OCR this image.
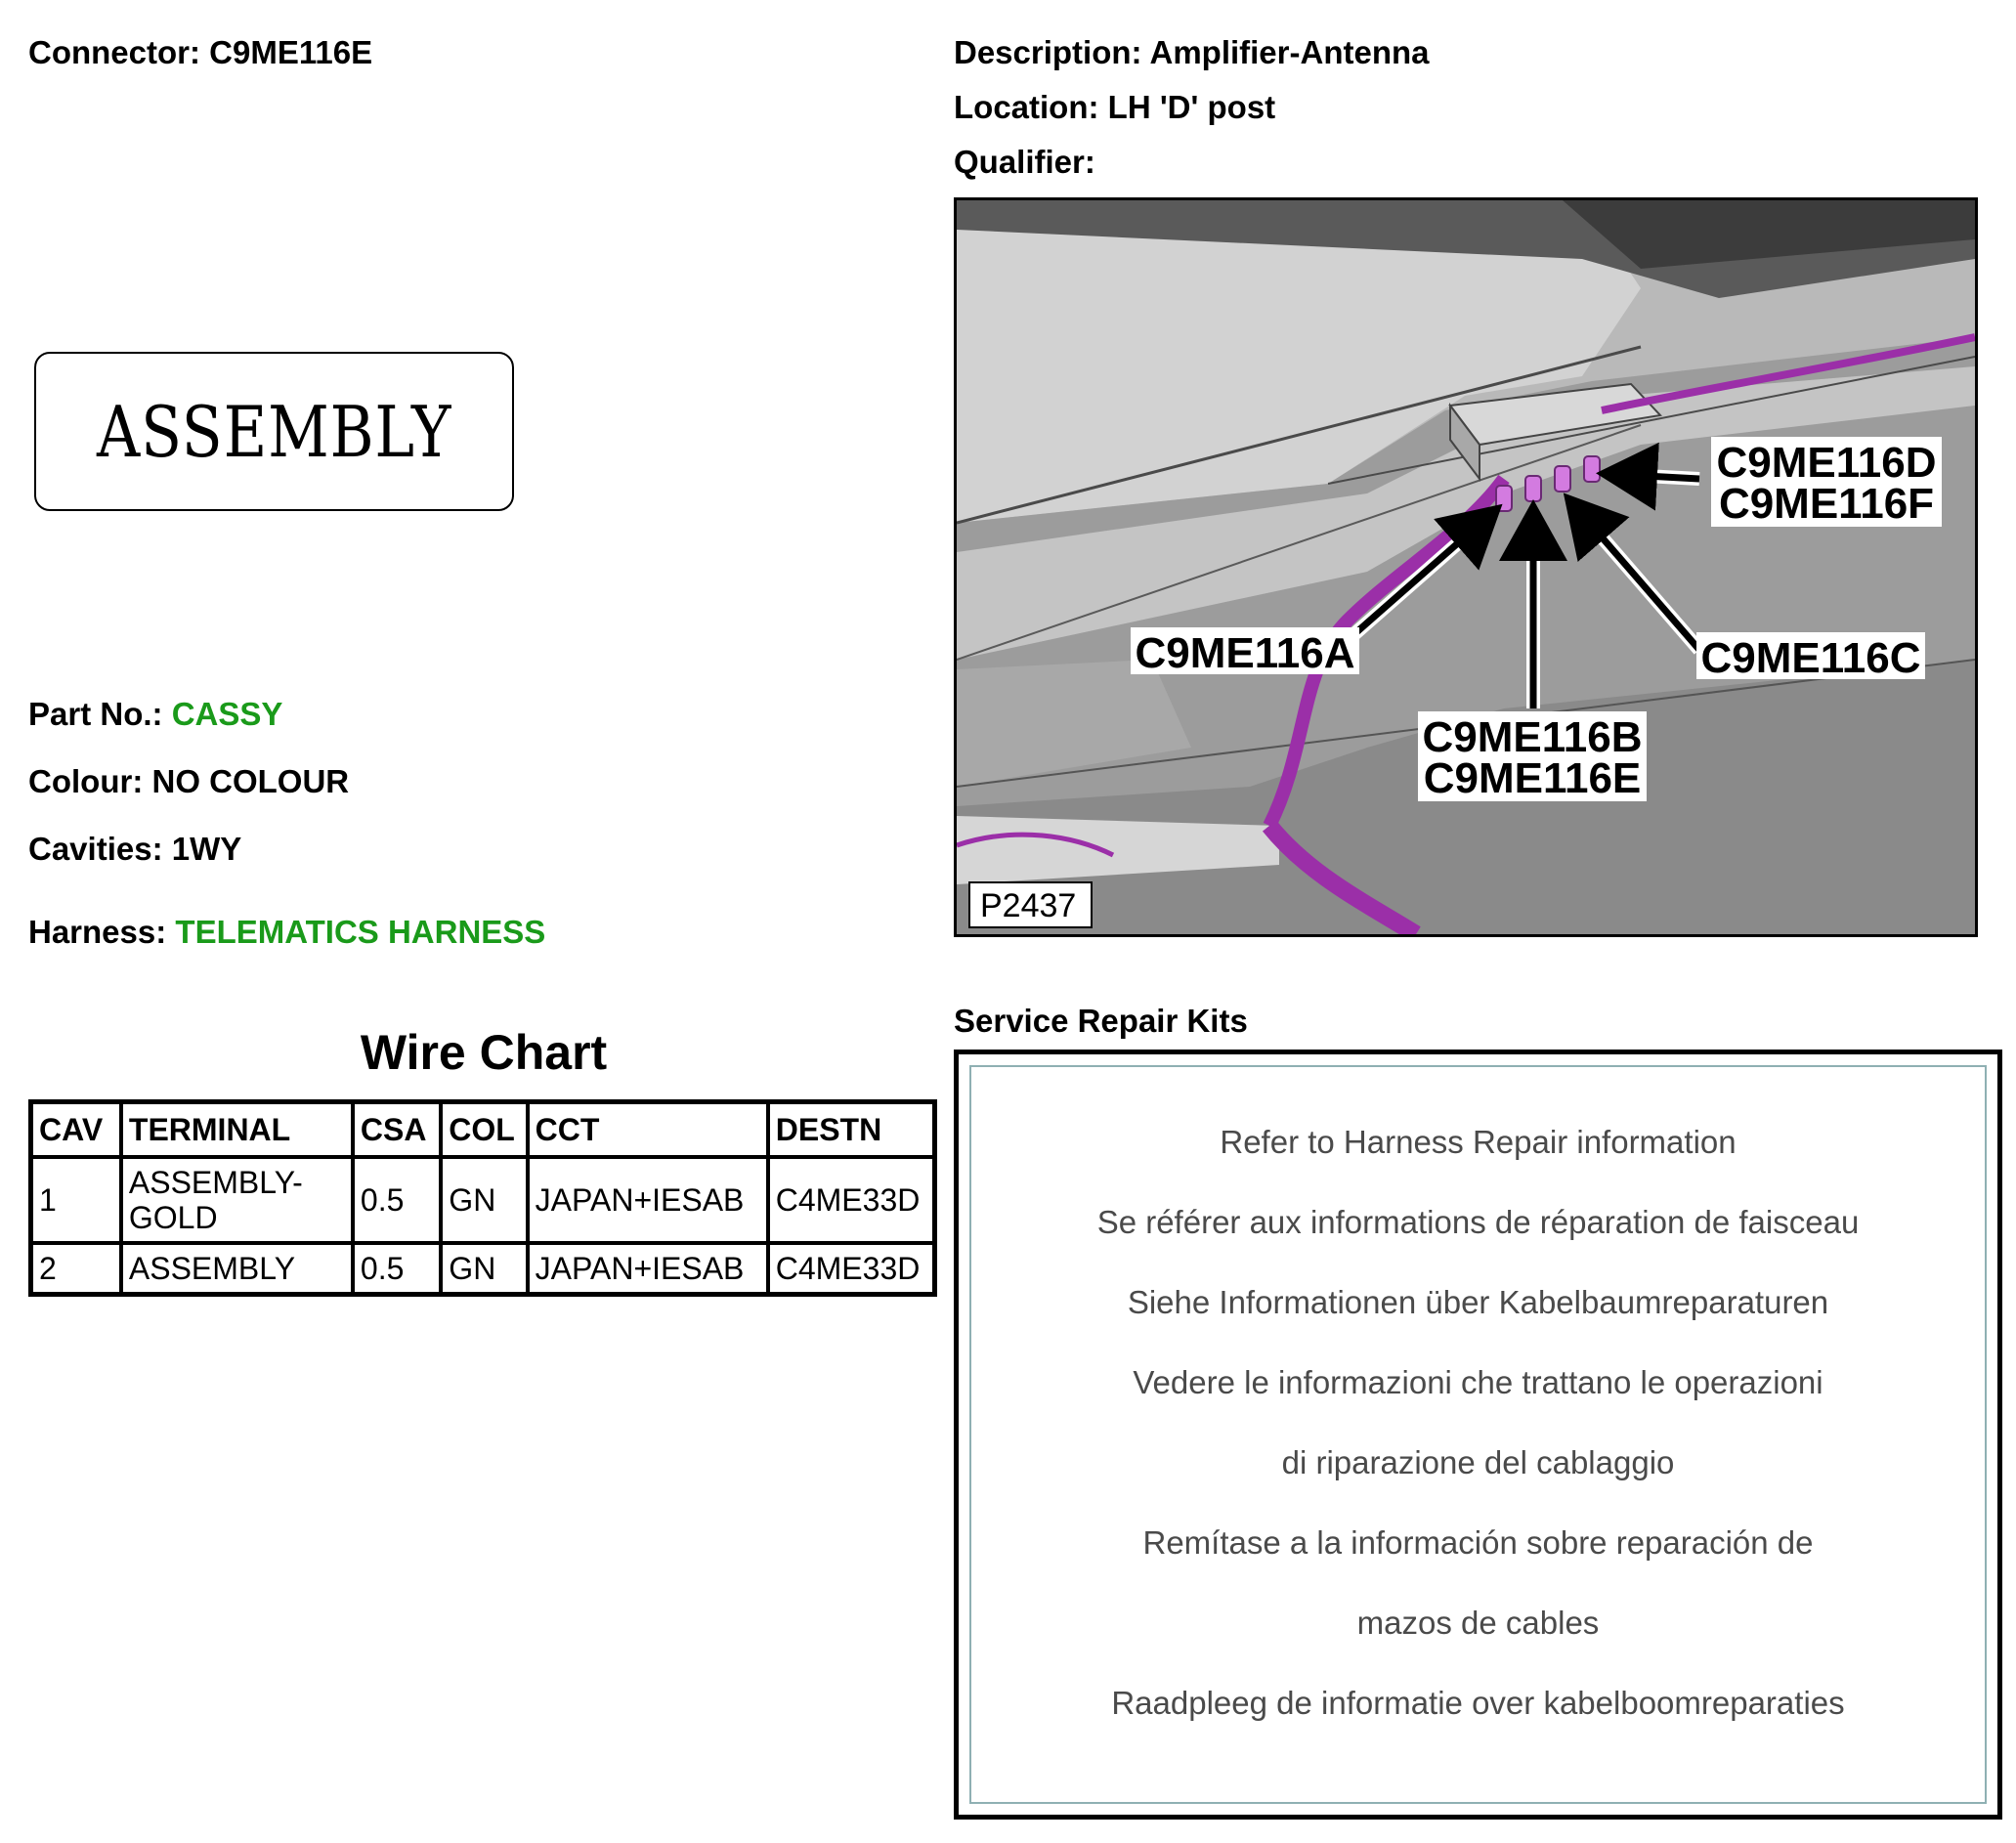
Connector: C9ME116E	Description: Amplifier-Antenna
Location: LH 'D' post
Qualifier:
ASSEMBLY
Part No.: CASSY
Colour: NO COLOUR
Cavities: 1WY
Harness: TELEMATICS HARNESS
Wire Chart
CAV	TERMINAL	CSA	COL	CCT	DESTN
1	ASSEMBLY-GOLD	0.5	GN	JAPAN+IESAB	C4ME33D
2	ASSEMBLY	0.5	GN	JAPAN+IESAB	C4ME33D
C9ME116D
C9ME116F
C9ME116A	C9ME116C
C9ME116B
C9ME116E
P2437
Service Repair Kits
Refer to Harness Repair information
Se référer aux informations de réparation de faisceau
Siehe Informationen über Kabelbaumreparaturen
Vedere le informazioni che trattano le operazioni
di riparazione del cablaggio
Remítase a la información sobre reparación de
mazos de cables
Raadpleeg de informatie over kabelboomreparaties
